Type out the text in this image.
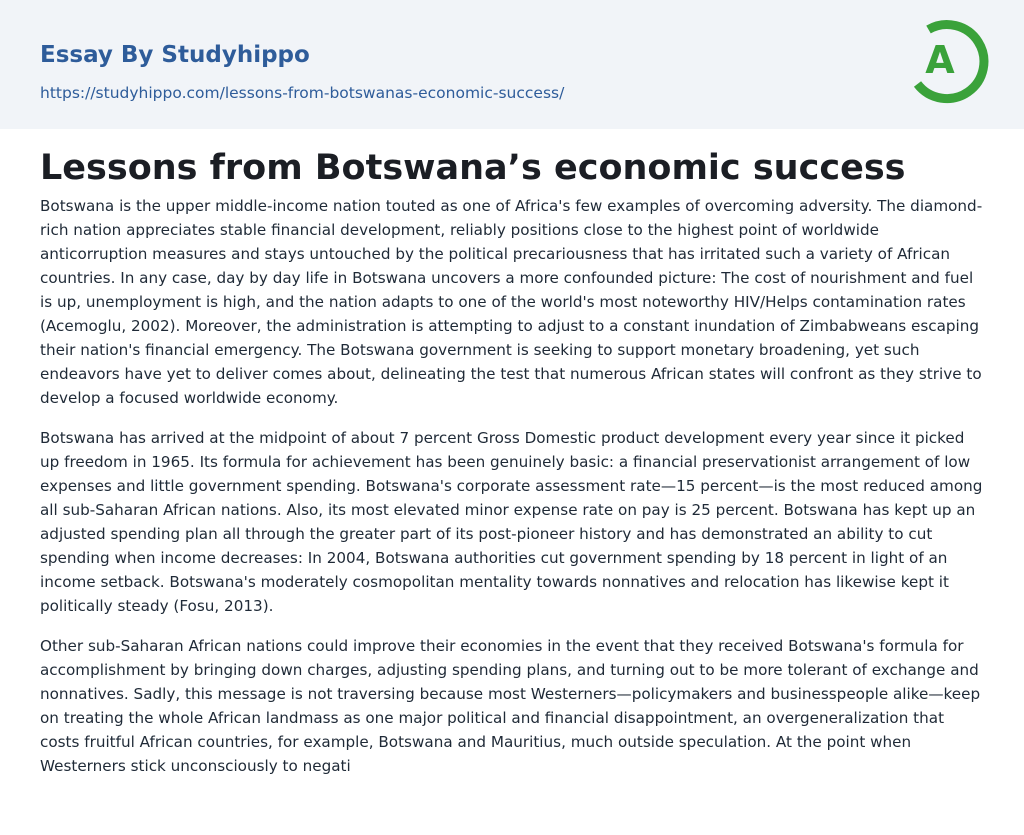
Essay By Studyhippo
https://studyhippo.com/lessons-from-botswanas-economic-success/
A
Lessons from Botswana’s economic success

Botswana is the upper middle-income nation touted as one of Africa's few examples of overcoming adversity. The diamond-rich nation appreciates stable financial development, reliably positions close to the highest point of worldwide anticorruption measures and stays untouched by the political precariousness that has irritated such a variety of African countries. In any case, day by day life in Botswana uncovers a more confounded picture: The cost of nourishment and fuel is up, unemployment is high, and the nation adapts to one of the world's most noteworthy HIV/Helps contamination rates (Acemoglu, 2002). Moreover, the administration is attempting to adjust to a constant inundation of Zimbabweans escaping their nation's financial emergency. The Botswana government is seeking to support monetary broadening, yet such endeavors have yet to deliver comes about, delineating the test that numerous African states will confront as they strive to develop a focused worldwide economy.

Botswana has arrived at the midpoint of about 7 percent Gross Domestic product development every year since it picked up freedom in 1965. Its formula for achievement has been genuinely basic: a financial preservationist arrangement of low expenses and little government spending. Botswana's corporate assessment rate—15 percent—is the most reduced among all sub-Saharan African nations. Also, its most elevated minor expense rate on pay is 25 percent. Botswana has kept up an adjusted spending plan all through the greater part of its post-pioneer history and has demonstrated an ability to cut spending when income decreases: In 2004, Botswana authorities cut government spending by 18 percent in light of an income setback. Botswana's moderately cosmopolitan mentality towards nonnatives and relocation has likewise kept it politically steady (Fosu, 2013).

Other sub-Saharan African nations could improve their economies in the event that they received Botswana's formula for accomplishment by bringing down charges, adjusting spending plans, and turning out to be more tolerant of exchange and nonnatives. Sadly, this message is not traversing because most Westerners—policymakers and businesspeople alike—keep on treating the whole African landmass as one major political and financial disappointment, an overgeneralization that costs fruitful African countries, for example, Botswana and Mauritius, much outside speculation. At the point when Westerners stick unconsciously to negati
